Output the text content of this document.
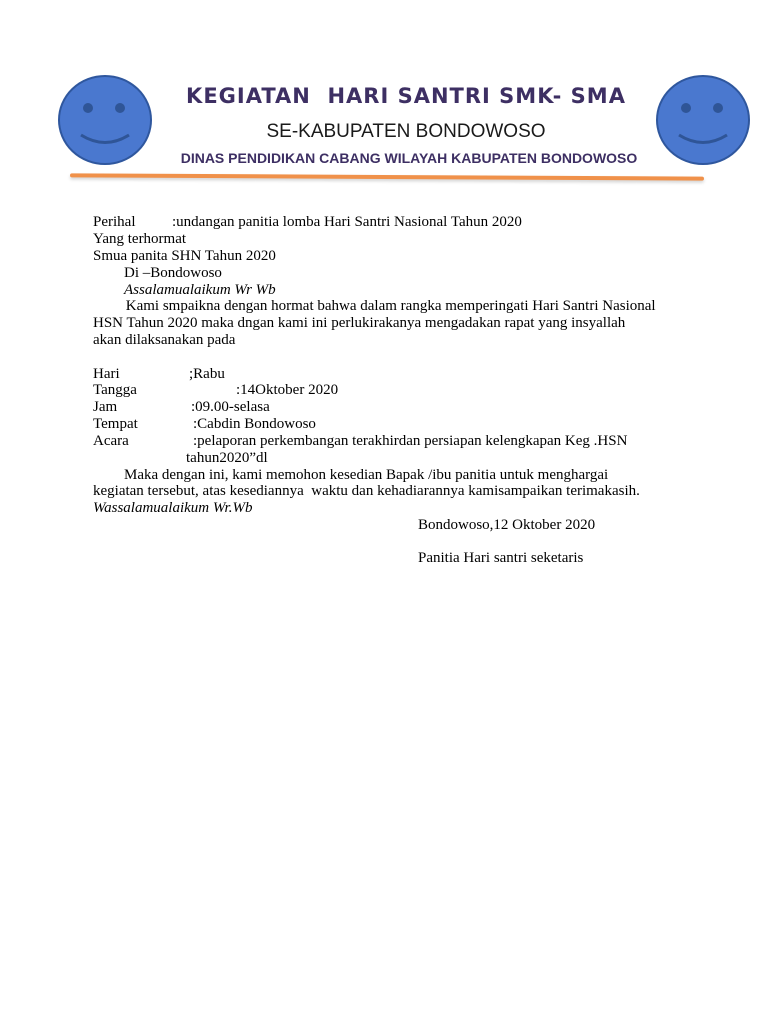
KEGIATAN  HARI SANTRI SMK- SMA
SE-KABUPATEN BONDOWOSO
DINAS PENDIDIKAN CABANG WILAYAH KABUPATEN BONDOWOSO
Perihal :undangan panitia lomba Hari Santri Nasional Tahun 2020
Yang terhormat
Smua panita SHN Tahun 2020
Di –Bondowoso
Assalamualaikum Wr Wb
Kami smpaikna dengan hormat bahwa dalam rangka memperingati Hari Santri Nasional
HSN Tahun 2020 maka dngan kami ini perlukirakanya mengadakan rapat yang insyallah
akan dilaksanakan pada
Hari	;Rabu
Tangga	:14Oktober 2020
Jam	:09.00-selasa
Tempat	:Cabdin Bondowoso
Acara	:pelaporan perkembangan terakhirdan persiapan kelengkapan Keg .HSN
tahun2020”dl
Maka dengan ini, kami memohon kesedian Bapak /ibu panitia untuk menghargai
kegiatan tersebut, atas kesediannya  waktu dan kehadiarannya kamisampaikan terimakasih.
Wassalamualaikum Wr.Wb
Bondowoso,12 Oktober 2020
Panitia Hari santri seketaris
